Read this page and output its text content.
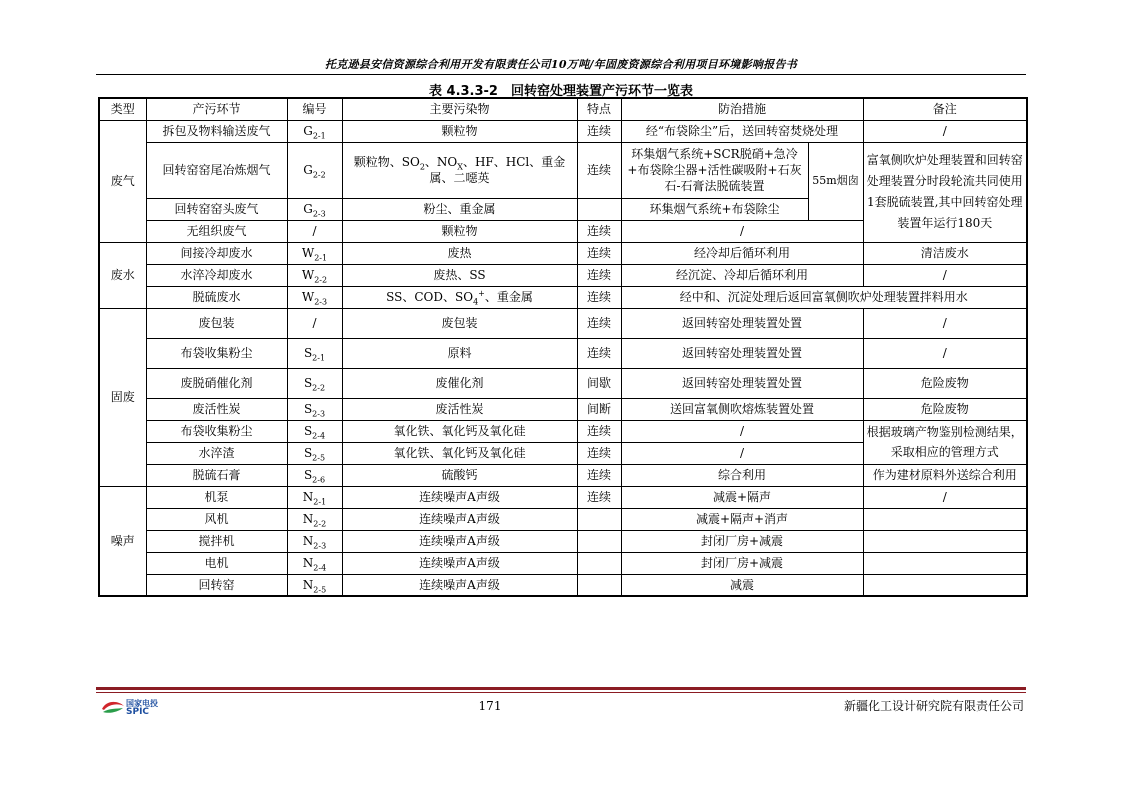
托克逊县安信资源综合利用开发有限责任公司10万吨/年固废资源综合利用项目环境影响报告书
表 4.3.3-2　回转窑处理装置产污环节一览表
类型	产污环节	编号	主要污染物	特点	防治措施		备注
废气	拆包及物料输送废气	$G_{2-1}$	颗粒物	连续	经“布袋除尘”后，送回转窑焚烧处理		/
	回转窑窑尾冶炼烟气	$G_{2-2}$	颗粒物、$SO_2$、$NO_X$、HF、HCl、重金属、二噁英	连续	环集烟气系统+SCR脱硝+急冷+布袋除尘器+活性碳吸附+石灰石-石膏法脱硫装置	55m烟囱	富氧侧吹炉处理装置和回转窑处理装置分时段轮流共同使用1套脱硫装置,其中回转窑处理装置年运行180天
	回转窑窑头废气	$G_{2-3}$	粉尘、重金属		环集烟气系统+布袋除尘		
	无组织废气	/	颗粒物	连续	/		
废水	间接冷却废水	$W_{2-1}$	废热	连续	经冷却后循环利用		清洁废水
	水淬冷却废水	$W_{2-2}$	废热、SS	连续	经沉淀、冷却后循环利用		/
	脱硫废水	$W_{2-3}$	SS、COD、$SO_4^+$、重金属	连续	经中和、沉淀处理后返回富氧侧吹炉处理装置拌料用水		
固废	废包装	/	废包装	连续	返回转窑处理装置处置		/
	布袋收集粉尘	$S_{2-1}$	原料	连续	返回转窑处理装置处置		/
	废脱硝催化剂	$S_{2-2}$	废催化剂	间歇	返回转窑处理装置处置		危险废物
	废活性炭	$S_{2-3}$	废活性炭	间断	送回富氧侧吹熔炼装置处置		危险废物
	布袋收集粉尘	$S_{2-4}$	氧化铁、氧化钙及氧化硅	连续	/		根据玻璃产物鉴别检测结果，采取相应的管理方式
	水淬渣	$S_{2-5}$	氧化铁、氧化钙及氧化硅	连续	/		
	脱硫石膏	$S_{2-6}$	硫酸钙	连续	综合利用		作为建材原料外送综合利用
噪声	机泵	$N_{2-1}$	连续噪声A声级	连续	减震+隔声		/
	风机	$N_{2-2}$	连续噪声A声级		减震+隔声+消声		
	搅拌机	$N_{2-3}$	连续噪声A声级		封闭厂房+减震		
	电机	$N_{2-4}$	连续噪声A声级		封闭厂房+减震		
	回转窑	$N_{2-5}$	连续噪声A声级		减震		
国家电投
SPIC	171	新疆化工设计研究院有限责任公司
